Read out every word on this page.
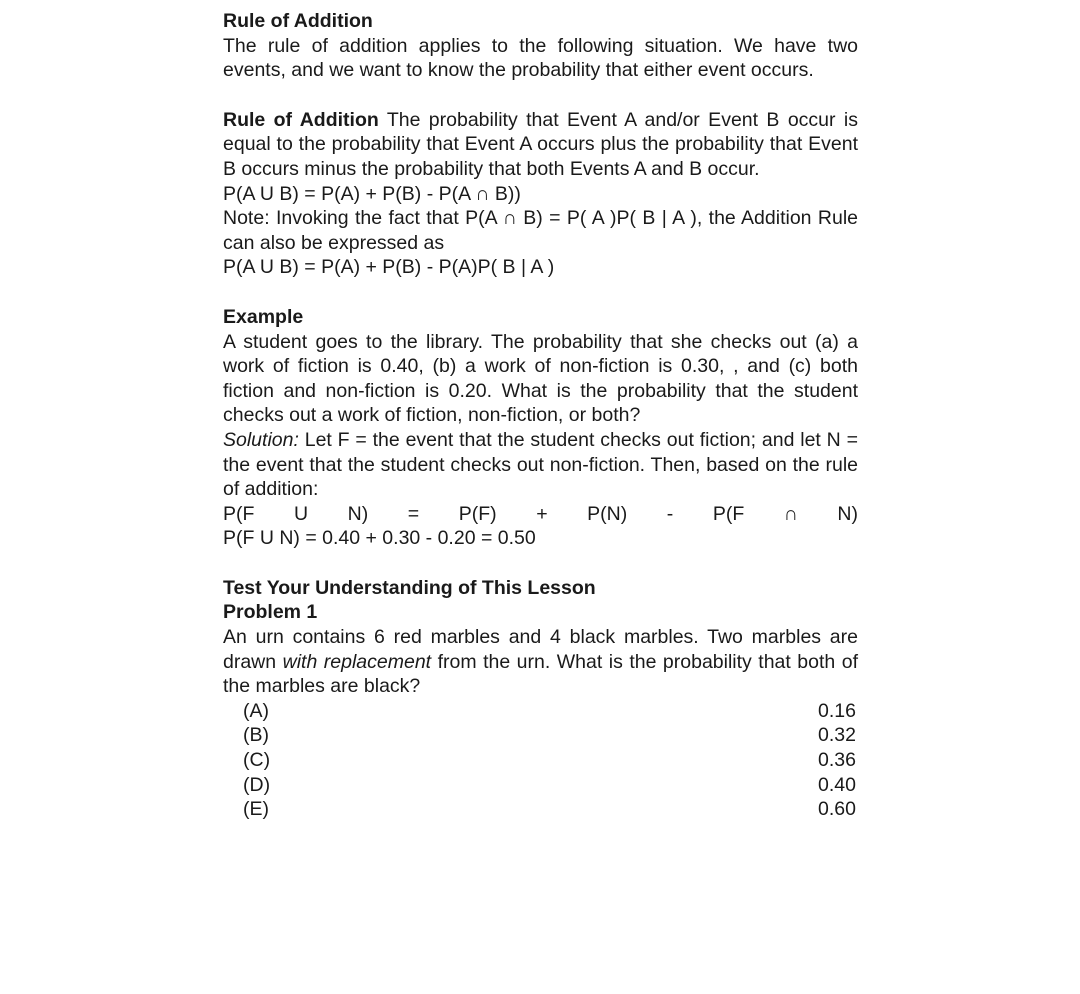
Rule of Addition

The rule of addition applies to the following situation. We have two events, and we want to know the probability that either event occurs.

Rule of Addition The probability that Event A and/or Event B occur is equal to the probability that Event A occurs plus the probability that Event B occurs minus the probability that both Events A and B occur.

P(A U B) = P(A) + P(B) - P(A ∩ B))

Note: Invoking the fact that P(A ∩ B) = P( A )P( B | A ), the Addition Rule can also be expressed as

P(A U B) = P(A) + P(B) - P(A)P( B | A )

Example

A student goes to the library. The probability that she checks out (a) a work of fiction is 0.40, (b) a work of non-fiction is 0.30, , and (c) both fiction and non-fiction is 0.20. What is the probability that the student checks out a work of fiction, non-fiction, or both?

Solution: Let F = the event that the student checks out fiction; and let N = the event that the student checks out non-fiction. Then, based on the rule of addition:

P(F U N) = P(F) + P(N) - P(F ∩ N)

P(F U N) = 0.40 + 0.30 - 0.20 = 0.50

Test Your Understanding of This Lesson

Problem 1

An urn contains 6 red marbles and 4 black marbles. Two marbles are drawn with replacement from the urn. What is the probability that both of the marbles are black?

(A)	0.16
(B)	0.32
(C)	0.36
(D)	0.40
(E)	0.60
